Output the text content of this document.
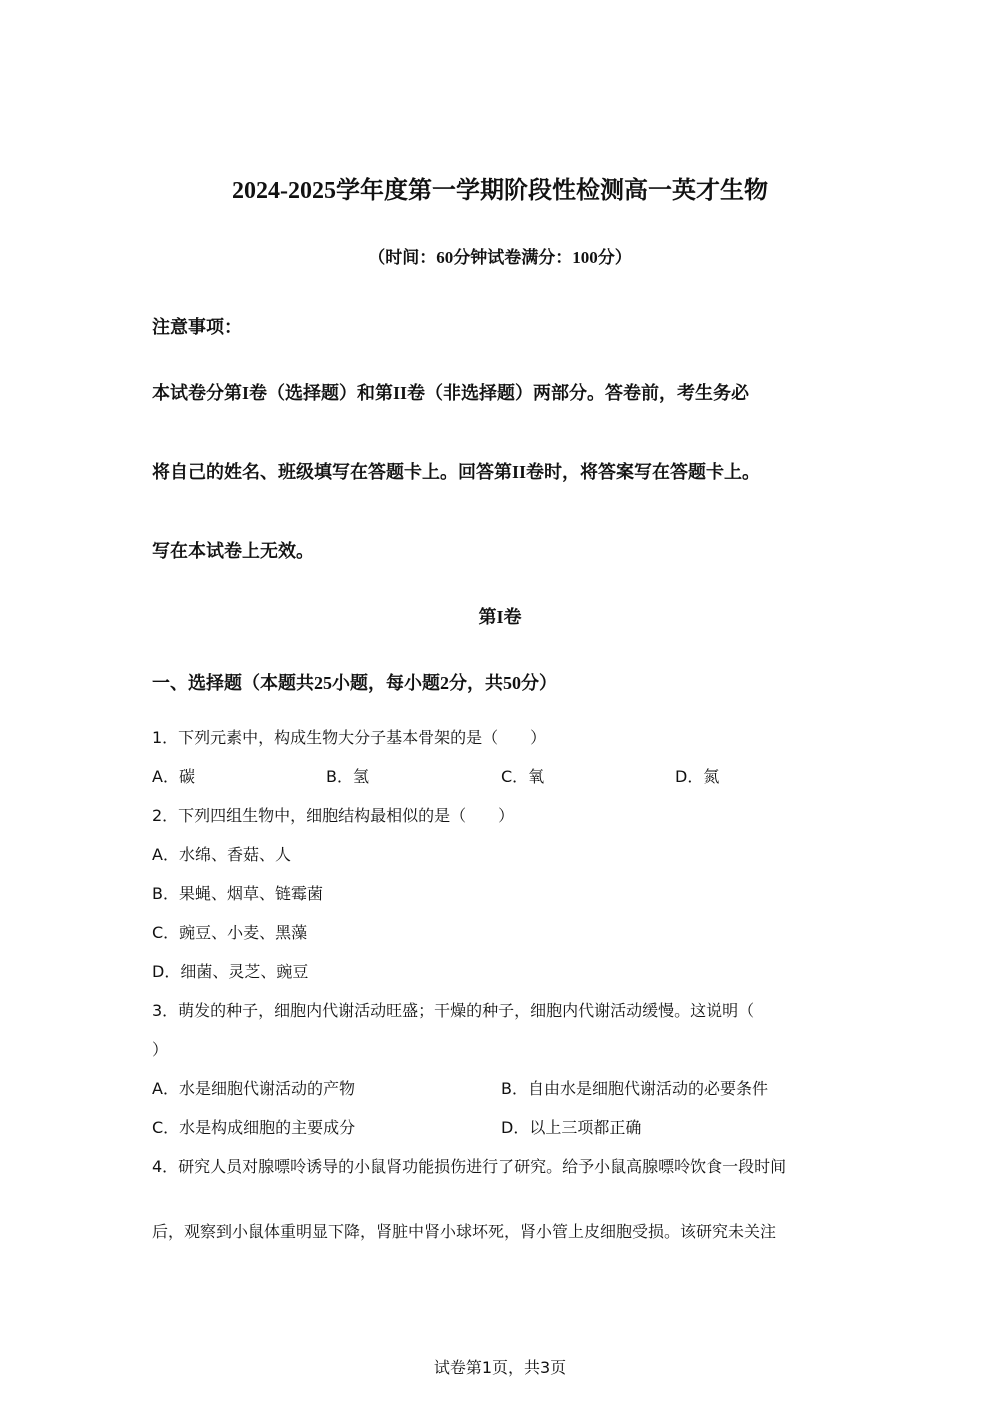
2024-2025学年度第一学期阶段性检测高一英才生物
（时间：60分钟试卷满分：100分）
注意事项：
本试卷分第I卷（选择题）和第II卷（非选择题）两部分。答卷前，考生务必
将自己的姓名、班级填写在答题卡上。回答第II卷时，将答案写在答题卡上。
写在本试卷上无效。
第I卷
一、选择题（本题共25小题，每小题2分，共50分）
1．下列元素中，构成生物大分子基本骨架的是（　　）
A．碳	B．氢	C．氧	D．氮
2．下列四组生物中，细胞结构最相似的是（　　）
A．水绵、香菇、人
B．果蝇、烟草、链霉菌
C．豌豆、小麦、黑藻
D．细菌、灵芝、豌豆
3．萌发的种子，细胞内代谢活动旺盛；干燥的种子，细胞内代谢活动缓慢。这说明（
）
A．水是细胞代谢活动的产物	B．自由水是细胞代谢活动的必要条件
C．水是构成细胞的主要成分	D．以上三项都正确
4．研究人员对腺嘌呤诱导的小鼠肾功能损伤进行了研究。给予小鼠高腺嘌呤饮食一段时间
后，观察到小鼠体重明显下降，肾脏中肾小球坏死，肾小管上皮细胞受损。该研究未关注
试卷第1页，共3页
